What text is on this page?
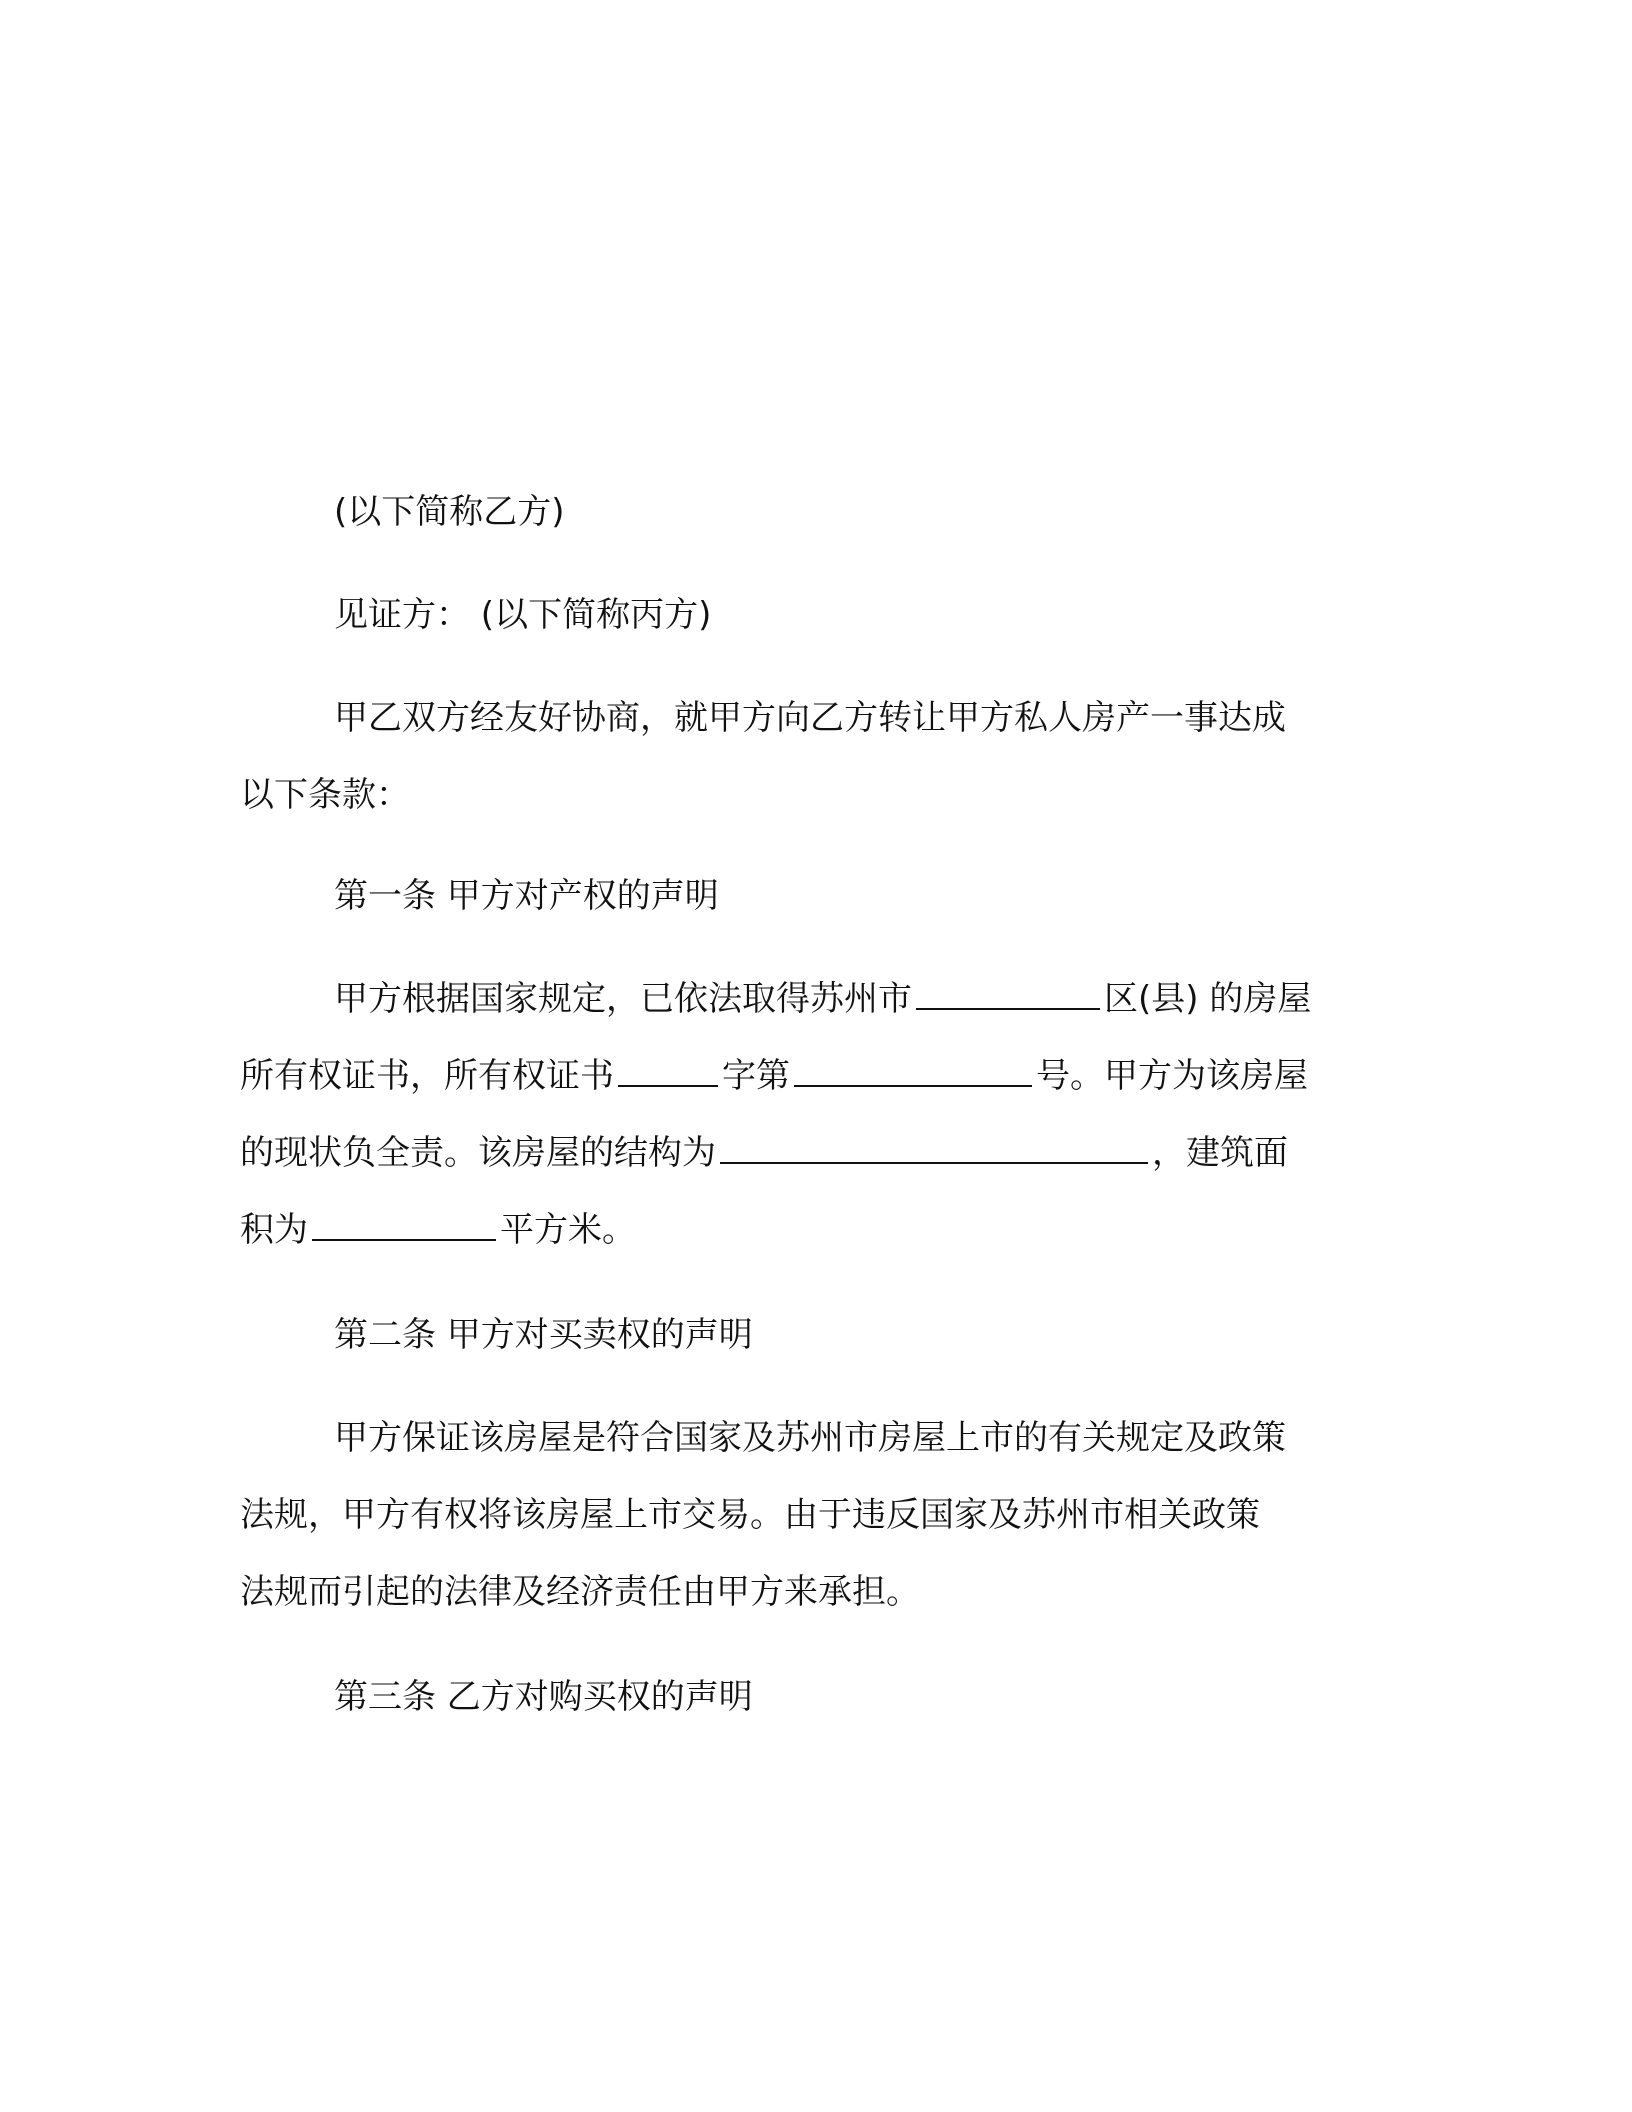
(以下简称乙方)
见证方： (以下简称丙方)
甲乙双方经友好协商，就甲方向乙方转让甲方私人房产一事达成
以下条款：
第一条 甲方对产权的声明
甲方根据国家规定，已依法取得苏州市	区(县) 的房屋
所有权证书，所有权证书	字第	号。甲方为该房屋
的现状负全责。该房屋的结构为	，建筑面
积为	平方米。
第二条 甲方对买卖权的声明
甲方保证该房屋是符合国家及苏州市房屋上市的有关规定及政策
法规，甲方有权将该房屋上市交易。由于违反国家及苏州市相关政策
法规而引起的法律及经济责任由甲方来承担。
第三条 乙方对购买权的声明
